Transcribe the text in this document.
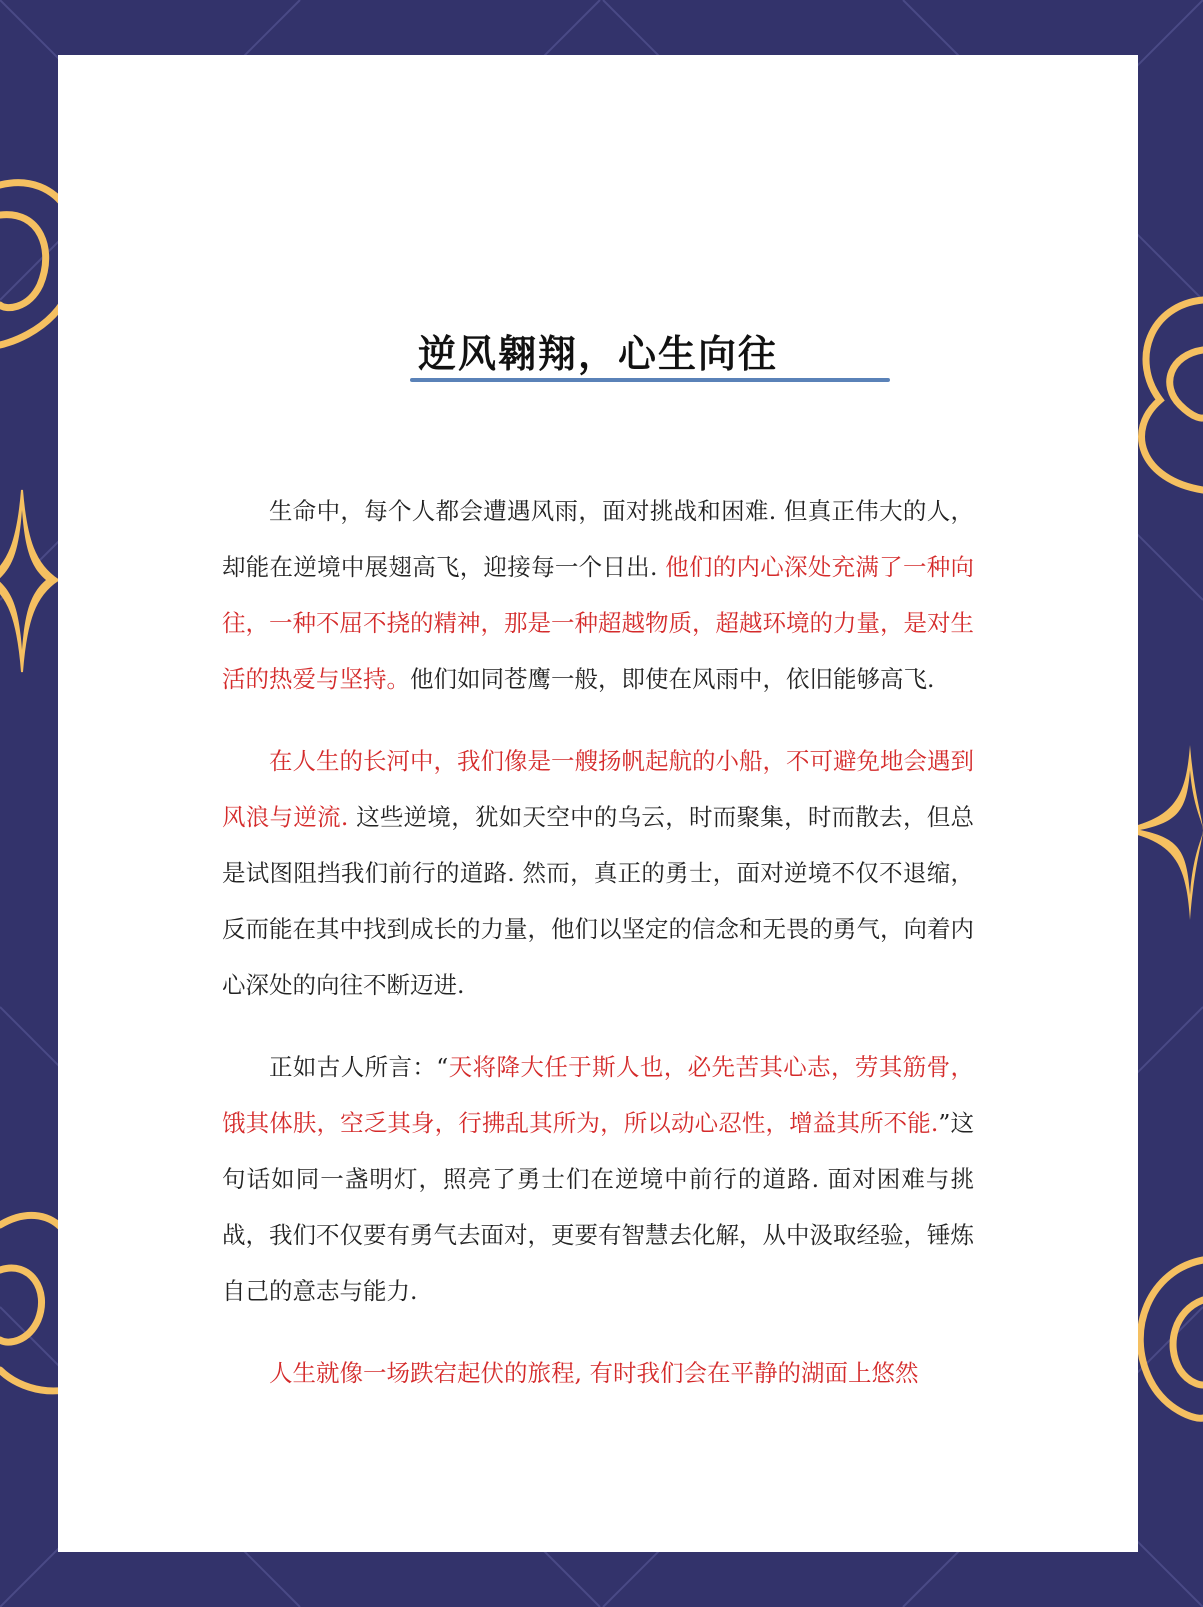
逆风翱翔，心生向往

生命中，每个人都会遭遇风雨，面对挑战和困难. 但真正伟大的人，却能在逆境中展翅高飞，迎接每一个日出. 他们的内心深处充满了一种向往，一种不屈不挠的精神，那是一种超越物质，超越环境的力量，是对生活的热爱与坚持。他们如同苍鹰一般，即使在风雨中，依旧能够高飞.

在人生的长河中，我们像是一艘扬帆起航的小船，不可避免地会遇到风浪与逆流. 这些逆境，犹如天空中的乌云，时而聚集，时而散去，但总是试图阻挡我们前行的道路. 然而，真正的勇士，面对逆境不仅不退缩，反而能在其中找到成长的力量，他们以坚定的信念和无畏的勇气，向着内心深处的向往不断迈进.

正如古人所言：“天将降大任于斯人也，必先苦其心志，劳其筋骨，饿其体肤，空乏其身，行拂乱其所为，所以动心忍性，增益其所不能.”这句话如同一盏明灯，照亮了勇士们在逆境中前行的道路. 面对困难与挑战，我们不仅要有勇气去面对，更要有智慧去化解，从中汲取经验，锤炼自己的意志与能力.

人生就像一场跌宕起伏的旅程, 有时我们会在平静的湖面上悠然
